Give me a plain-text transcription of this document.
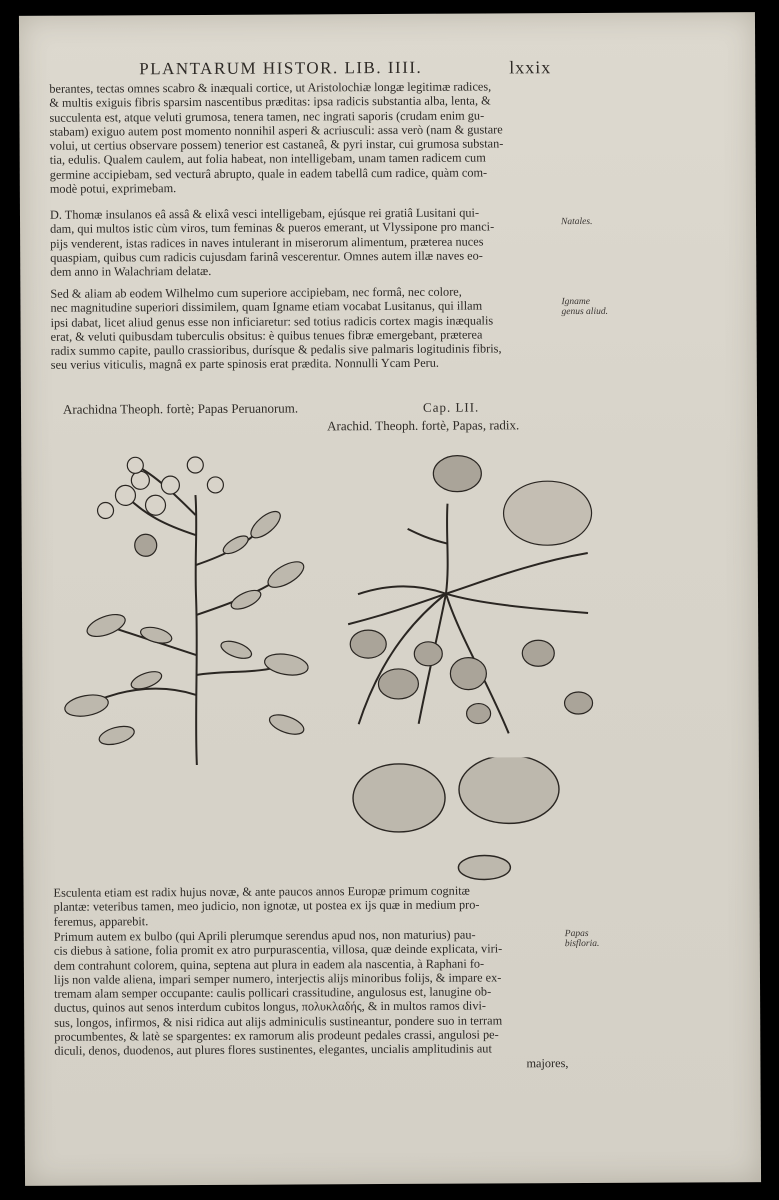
PLANTARUM HISTOR. LIB. IIII.	lxxix

berantes, tectas omnes scabro & inæquali cortice, ut Aristolochiæ longæ legitimæ radices,

& multis exiguis fibris sparsim nascentibus præditas: ipsa radicis substantia alba, lenta, &

succulenta est, atque veluti grumosa, tenera tamen, nec ingrati saporis (crudam enim gu-

stabam) exiguo autem post momento nonnihil asperi & acriusculi: assa verò (nam & gustare

volui, ut certius observare possem) tenerior est castaneâ, & pyri instar, cui grumosa substan-

tia, edulis. Qualem caulem, aut folia habeat, non intelligebam, unam tamen radicem cum

germine accipiebam, sed vecturâ abrupto, quale in eadem tabellâ cum radice, quàm com-

modè potui, exprimebam.

D. Thomæ insulanos eâ assâ & elixâ vesci intelligebam, ejúsque rei gratiâ Lusitani qui-

dam, qui multos istic cùm viros, tum feminas & pueros emerant, ut Vlyssipone pro manci-

pijs venderent, istas radices in naves intulerant in miserorum alimentum, præterea nuces

quaspiam, quibus cum radicis cujusdam farinâ vescerentur. Omnes autem illæ naves eo-

dem anno in Walachriam delatæ.

Natales.

Sed & aliam ab eodem Wilhelmo cum superiore accipiebam, nec formâ, nec colore,

nec magnitudine superiori dissimilem, quam Igname etiam vocabat Lusitanus, qui illam

ipsi dabat, licet aliud genus esse non inficiaretur: sed totius radicis cortex magis inæqualis

erat, & veluti quibusdam tuberculis obsitus: è quibus tenues fibræ emergebant, præterea

radix summo capite, paullo crassioribus, durísque & pedalis sive palmaris logitudinis fibris,

seu verius viticulis, magnâ ex parte spinosis erat prædita. Nonnulli Ycam Peru.

Igname genus aliud.
Arachidna Theoph. fortè; Papas Peruanorum.	Cap. LII.
Arachid. Theoph. fortè, Papas, radix.

Esculenta etiam est radix hujus novæ, & ante paucos annos Europæ primum cognitæ

plantæ: veteribus tamen, meo judicio, non ignotæ, ut postea ex ijs quæ in medium pro-

feremus, apparebit.

Primum autem ex bulbo (qui Aprili plerumque serendus apud nos, non maturius) pau-

cis diebus à satione, folia promit ex atro purpurascentia, villosa, quæ deinde explicata, viri-

dem contrahunt colorem, quina, septena aut plura in eadem ala nascentia, à Raphani fo-

lijs non valde aliena, impari semper numero, interjectis alijs minoribus folijs, & impare ex-

tremam alam semper occupante: caulis pollicari crassitudine, angulosus est, lanugine ob-

ductus, quinos aut senos interdum cubitos longus, πολυκλαδής, & in multos ramos divi-

sus, longos, infirmos, & nisi ridica aut alijs adminiculis sustineantur, pondere suo in terram

procumbentes, & latè se spargentes: ex ramorum alis prodeunt pedales crassi, angulosi pe-

diculi, denos, duodenos, aut plures flores sustinentes, elegantes, uncialis amplitudinis aut

majores,

Papas bisfloria.
